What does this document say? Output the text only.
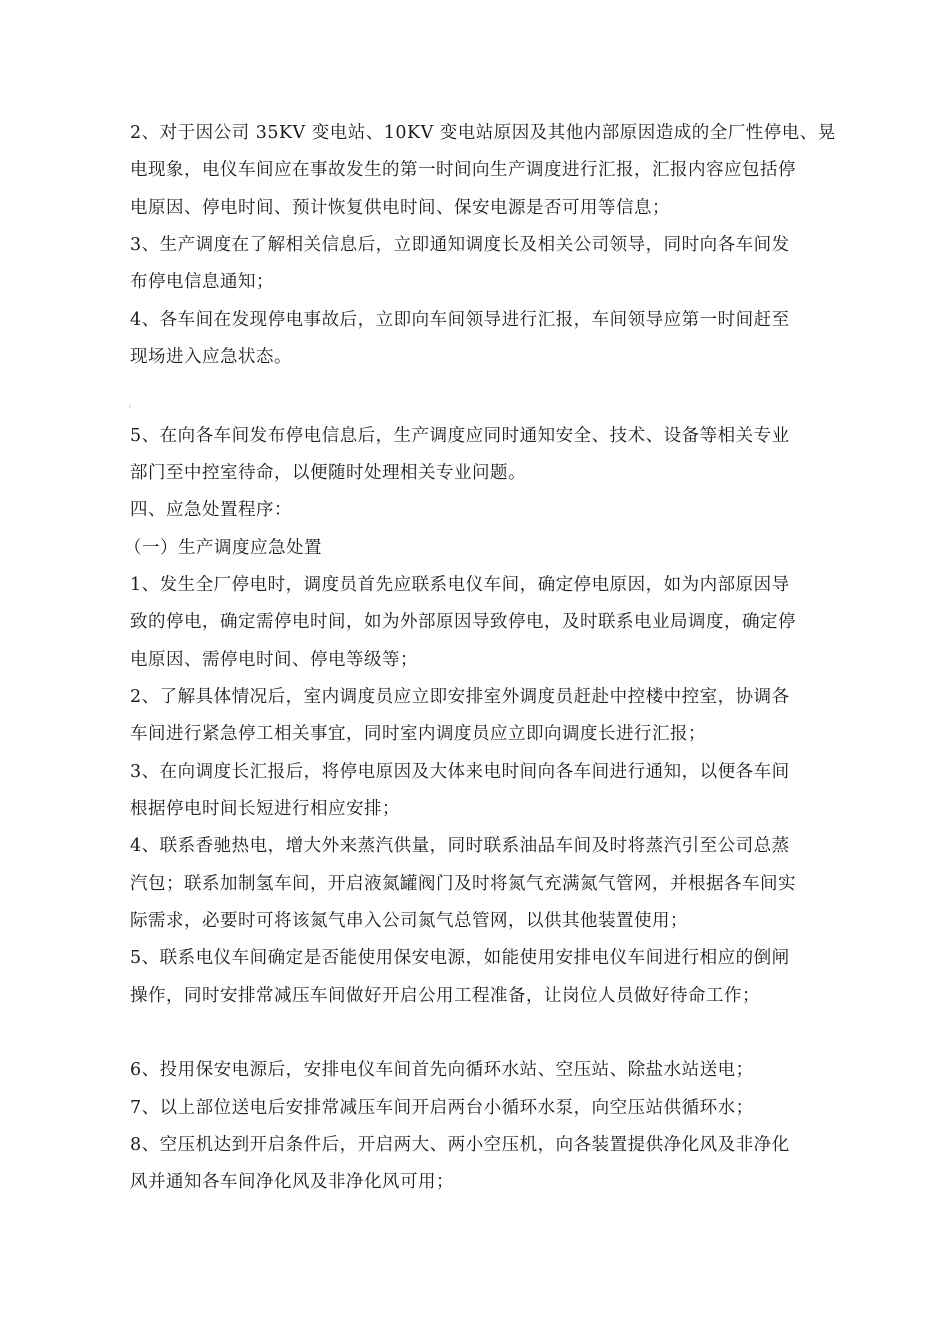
2、对于因公司 35KV 变电站、10KV 变电站原因及其他内部原因造成的全厂性停电、晃
电现象，电仪车间应在事故发生的第一时间向生产调度进行汇报，汇报内容应包括停
电原因、停电时间、预计恢复供电时间、保安电源是否可用等信息；
3、生产调度在了解相关信息后，立即通知调度长及相关公司领导，同时向各车间发
布停电信息通知；
4、各车间在发现停电事故后，立即向车间领导进行汇报，车间领导应第一时间赶至
现场进入应急状态。
‹
5、在向各车间发布停电信息后，生产调度应同时通知安全、技术、设备等相关专业
部门至中控室待命，以便随时处理相关专业问题。
四、应急处置程序：
（一）生产调度应急处置
1、发生全厂停电时，调度员首先应联系电仪车间，确定停电原因，如为内部原因导
致的停电，确定需停电时间，如为外部原因导致停电，及时联系电业局调度，确定停
电原因、需停电时间、停电等级等；
2、了解具体情况后，室内调度员应立即安排室外调度员赶赴中控楼中控室，协调各
车间进行紧急停工相关事宜，同时室内调度员应立即向调度长进行汇报；
3、在向调度长汇报后，将停电原因及大体来电时间向各车间进行通知，以便各车间
根据停电时间长短进行相应安排；
4、联系香驰热电，增大外来蒸汽供量，同时联系油品车间及时将蒸汽引至公司总蒸
汽包；联系加制氢车间，开启液氮罐阀门及时将氮气充满氮气管网，并根据各车间实
际需求，必要时可将该氮气串入公司氮气总管网，以供其他装置使用；
5、联系电仪车间确定是否能使用保安电源，如能使用安排电仪车间进行相应的倒闸
操作，同时安排常减压车间做好开启公用工程准备，让岗位人员做好待命工作；
6、投用保安电源后，安排电仪车间首先向循环水站、空压站、除盐水站送电；
7、以上部位送电后安排常减压车间开启两台小循环水泵，向空压站供循环水；
8、空压机达到开启条件后，开启两大、两小空压机，向各装置提供净化风及非净化
风并通知各车间净化风及非净化风可用；
